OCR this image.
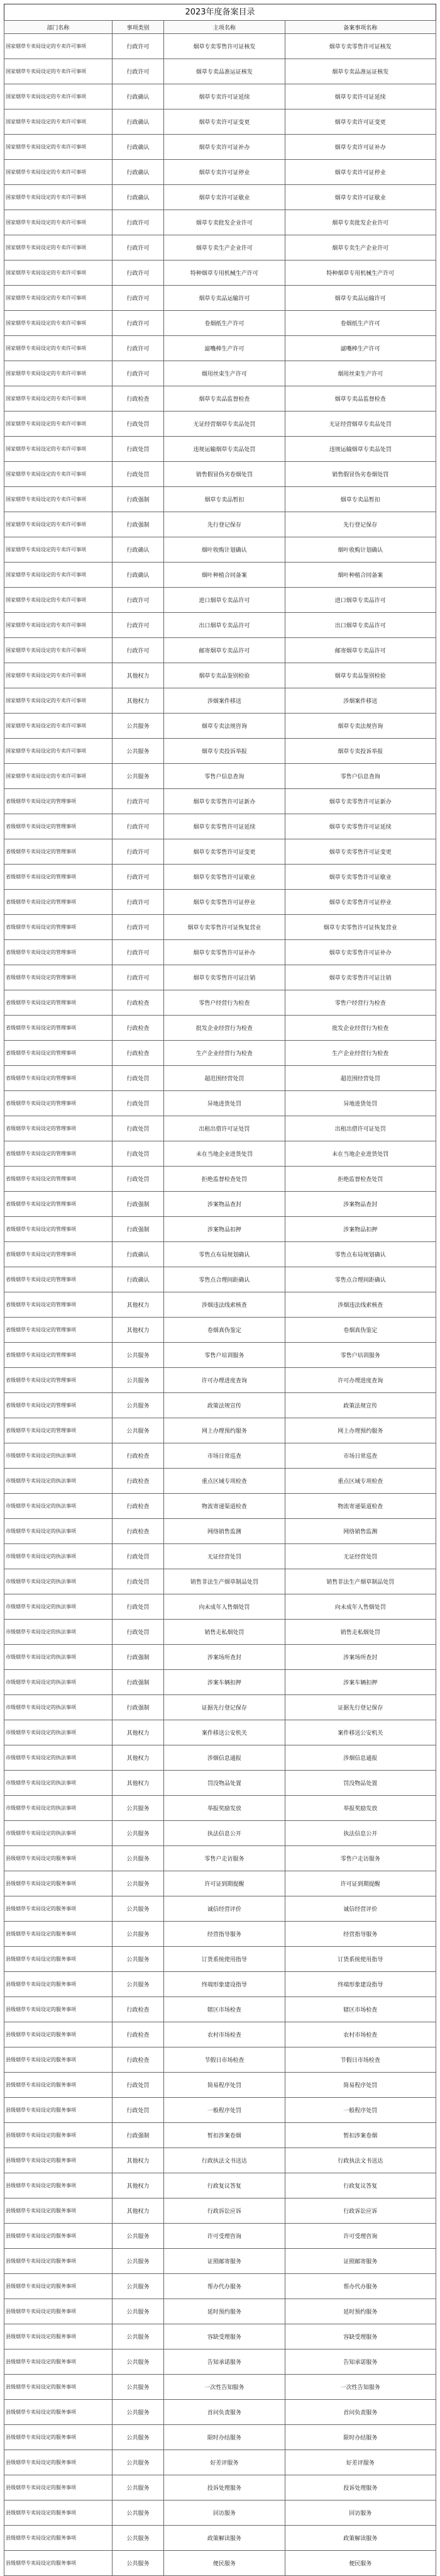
2023年度备案目录
部门名称	事项类别	主项名称	备案事项名称
国家烟草专卖局设定的专卖许可事项	行政许可	烟草专卖零售许可证核发	烟草专卖零售许可证核发
国家烟草专卖局设定的专卖许可事项	行政许可	烟草专卖品准运证核发	烟草专卖品准运证核发
国家烟草专卖局设定的专卖许可事项	行政确认	烟草专卖许可证延续	烟草专卖许可证延续
国家烟草专卖局设定的专卖许可事项	行政确认	烟草专卖许可证变更	烟草专卖许可证变更
国家烟草专卖局设定的专卖许可事项	行政确认	烟草专卖许可证补办	烟草专卖许可证补办
国家烟草专卖局设定的专卖许可事项	行政确认	烟草专卖许可证停业	烟草专卖许可证停业
国家烟草专卖局设定的专卖许可事项	行政确认	烟草专卖许可证歇业	烟草专卖许可证歇业
国家烟草专卖局设定的专卖许可事项	行政许可	烟草专卖批发企业许可	烟草专卖批发企业许可
国家烟草专卖局设定的专卖许可事项	行政许可	烟草专卖生产企业许可	烟草专卖生产企业许可
国家烟草专卖局设定的专卖许可事项	行政许可	特种烟草专用机械生产许可	特种烟草专用机械生产许可
国家烟草专卖局设定的专卖许可事项	行政许可	烟草专卖品运输许可	烟草专卖品运输许可
国家烟草专卖局设定的专卖许可事项	行政许可	卷烟纸生产许可	卷烟纸生产许可
国家烟草专卖局设定的专卖许可事项	行政许可	滤嘴棒生产许可	滤嘴棒生产许可
国家烟草专卖局设定的专卖许可事项	行政许可	烟用丝束生产许可	烟用丝束生产许可
国家烟草专卖局设定的专卖许可事项	行政检查	烟草专卖品监督检查	烟草专卖品监督检查
国家烟草专卖局设定的专卖许可事项	行政处罚	无证经营烟草专卖品处罚	无证经营烟草专卖品处罚
国家烟草专卖局设定的专卖许可事项	行政处罚	违规运输烟草专卖品处罚	违规运输烟草专卖品处罚
国家烟草专卖局设定的专卖许可事项	行政处罚	销售假冒伪劣卷烟处罚	销售假冒伪劣卷烟处罚
国家烟草专卖局设定的专卖许可事项	行政强制	烟草专卖品暂扣	烟草专卖品暂扣
国家烟草专卖局设定的专卖许可事项	行政强制	先行登记保存	先行登记保存
国家烟草专卖局设定的专卖许可事项	行政确认	烟叶收购计划确认	烟叶收购计划确认
国家烟草专卖局设定的专卖许可事项	行政确认	烟叶种植合同备案	烟叶种植合同备案
国家烟草专卖局设定的专卖许可事项	行政许可	进口烟草专卖品许可	进口烟草专卖品许可
国家烟草专卖局设定的专卖许可事项	行政许可	出口烟草专卖品许可	出口烟草专卖品许可
国家烟草专卖局设定的专卖许可事项	行政许可	邮寄烟草专卖品许可	邮寄烟草专卖品许可
国家烟草专卖局设定的专卖许可事项	其他权力	烟草专卖品鉴别检验	烟草专卖品鉴别检验
国家烟草专卖局设定的专卖许可事项	其他权力	涉烟案件移送	涉烟案件移送
国家烟草专卖局设定的专卖许可事项	公共服务	烟草专卖法规咨询	烟草专卖法规咨询
国家烟草专卖局设定的专卖许可事项	公共服务	烟草专卖投诉举报	烟草专卖投诉举报
国家烟草专卖局设定的专卖许可事项	公共服务	零售户信息查询	零售户信息查询
省级烟草专卖局设定的管理事项	行政许可	烟草专卖零售许可证新办	烟草专卖零售许可证新办
省级烟草专卖局设定的管理事项	行政许可	烟草专卖零售许可证延续	烟草专卖零售许可证延续
省级烟草专卖局设定的管理事项	行政许可	烟草专卖零售许可证变更	烟草专卖零售许可证变更
省级烟草专卖局设定的管理事项	行政许可	烟草专卖零售许可证歇业	烟草专卖零售许可证歇业
省级烟草专卖局设定的管理事项	行政许可	烟草专卖零售许可证停业	烟草专卖零售许可证停业
省级烟草专卖局设定的管理事项	行政许可	烟草专卖零售许可证恢复营业	烟草专卖零售许可证恢复营业
省级烟草专卖局设定的管理事项	行政许可	烟草专卖零售许可证补办	烟草专卖零售许可证补办
省级烟草专卖局设定的管理事项	行政许可	烟草专卖零售许可证注销	烟草专卖零售许可证注销
省级烟草专卖局设定的管理事项	行政检查	零售户经营行为检查	零售户经营行为检查
省级烟草专卖局设定的管理事项	行政检查	批发企业经营行为检查	批发企业经营行为检查
省级烟草专卖局设定的管理事项	行政检查	生产企业经营行为检查	生产企业经营行为检查
省级烟草专卖局设定的管理事项	行政处罚	超范围经营处罚	超范围经营处罚
省级烟草专卖局设定的管理事项	行政处罚	异地进货处罚	异地进货处罚
省级烟草专卖局设定的管理事项	行政处罚	出租出借许可证处罚	出租出借许可证处罚
省级烟草专卖局设定的管理事项	行政处罚	未在当地企业进货处罚	未在当地企业进货处罚
省级烟草专卖局设定的管理事项	行政处罚	拒绝监督检查处罚	拒绝监督检查处罚
省级烟草专卖局设定的管理事项	行政强制	涉案物品查封	涉案物品查封
省级烟草专卖局设定的管理事项	行政强制	涉案物品扣押	涉案物品扣押
省级烟草专卖局设定的管理事项	行政确认	零售点布局规划确认	零售点布局规划确认
省级烟草专卖局设定的管理事项	行政确认	零售点合理间距确认	零售点合理间距确认
省级烟草专卖局设定的管理事项	其他权力	涉烟违法线索核查	涉烟违法线索核查
省级烟草专卖局设定的管理事项	其他权力	卷烟真伪鉴定	卷烟真伪鉴定
省级烟草专卖局设定的管理事项	公共服务	零售户培训服务	零售户培训服务
省级烟草专卖局设定的管理事项	公共服务	许可办理进度查询	许可办理进度查询
省级烟草专卖局设定的管理事项	公共服务	政策法规宣传	政策法规宣传
省级烟草专卖局设定的管理事项	公共服务	网上办理预约服务	网上办理预约服务
市级烟草专卖局设定的执法事项	行政检查	市场日常巡查	市场日常巡查
市级烟草专卖局设定的执法事项	行政检查	重点区域专项检查	重点区域专项检查
市级烟草专卖局设定的执法事项	行政检查	物流寄递渠道检查	物流寄递渠道检查
市级烟草专卖局设定的执法事项	行政检查	网络销售监测	网络销售监测
市级烟草专卖局设定的执法事项	行政处罚	无证经营处罚	无证经营处罚
市级烟草专卖局设定的执法事项	行政处罚	销售非法生产烟草制品处罚	销售非法生产烟草制品处罚
市级烟草专卖局设定的执法事项	行政处罚	向未成年人售烟处罚	向未成年人售烟处罚
市级烟草专卖局设定的执法事项	行政处罚	销售走私烟处罚	销售走私烟处罚
市级烟草专卖局设定的执法事项	行政强制	涉案场所查封	涉案场所查封
市级烟草专卖局设定的执法事项	行政强制	涉案车辆扣押	涉案车辆扣押
市级烟草专卖局设定的执法事项	行政强制	证据先行登记保存	证据先行登记保存
市级烟草专卖局设定的执法事项	其他权力	案件移送公安机关	案件移送公安机关
市级烟草专卖局设定的执法事项	其他权力	涉烟信息通报	涉烟信息通报
市级烟草专卖局设定的执法事项	其他权力	罚没物品处置	罚没物品处置
市级烟草专卖局设定的执法事项	公共服务	举报奖励发放	举报奖励发放
市级烟草专卖局设定的执法事项	公共服务	执法信息公开	执法信息公开
县级烟草专卖局设定的服务事项	公共服务	零售户走访服务	零售户走访服务
县级烟草专卖局设定的服务事项	公共服务	许可证到期提醒	许可证到期提醒
县级烟草专卖局设定的服务事项	公共服务	诚信经营评价	诚信经营评价
县级烟草专卖局设定的服务事项	公共服务	经营指导服务	经营指导服务
县级烟草专卖局设定的服务事项	公共服务	订货系统使用指导	订货系统使用指导
县级烟草专卖局设定的服务事项	公共服务	终端形象建设指导	终端形象建设指导
县级烟草专卖局设定的服务事项	行政检查	辖区市场检查	辖区市场检查
县级烟草专卖局设定的服务事项	行政检查	农村市场检查	农村市场检查
县级烟草专卖局设定的服务事项	行政检查	节假日市场检查	节假日市场检查
县级烟草专卖局设定的服务事项	行政处罚	简易程序处罚	简易程序处罚
县级烟草专卖局设定的服务事项	行政处罚	一般程序处罚	一般程序处罚
县级烟草专卖局设定的服务事项	行政强制	暂扣涉案卷烟	暂扣涉案卷烟
县级烟草专卖局设定的服务事项	其他权力	行政执法文书送达	行政执法文书送达
县级烟草专卖局设定的服务事项	其他权力	行政复议答复	行政复议答复
县级烟草专卖局设定的服务事项	其他权力	行政诉讼应诉	行政诉讼应诉
县级烟草专卖局设定的服务事项	公共服务	许可受理咨询	许可受理咨询
县级烟草专卖局设定的服务事项	公共服务	证照邮寄服务	证照邮寄服务
县级烟草专卖局设定的服务事项	公共服务	帮办代办服务	帮办代办服务
县级烟草专卖局设定的服务事项	公共服务	延时预约服务	延时预约服务
县级烟草专卖局设定的服务事项	公共服务	容缺受理服务	容缺受理服务
县级烟草专卖局设定的服务事项	公共服务	告知承诺服务	告知承诺服务
县级烟草专卖局设定的服务事项	公共服务	一次性告知服务	一次性告知服务
县级烟草专卖局设定的服务事项	公共服务	首问负责服务	首问负责服务
县级烟草专卖局设定的服务事项	公共服务	限时办结服务	限时办结服务
县级烟草专卖局设定的服务事项	公共服务	好差评服务	好差评服务
县级烟草专卖局设定的服务事项	公共服务	投诉处理服务	投诉处理服务
县级烟草专卖局设定的服务事项	公共服务	回访服务	回访服务
县级烟草专卖局设定的服务事项	公共服务	政策解读服务	政策解读服务
县级烟草专卖局设定的服务事项	公共服务	便民服务	便民服务
